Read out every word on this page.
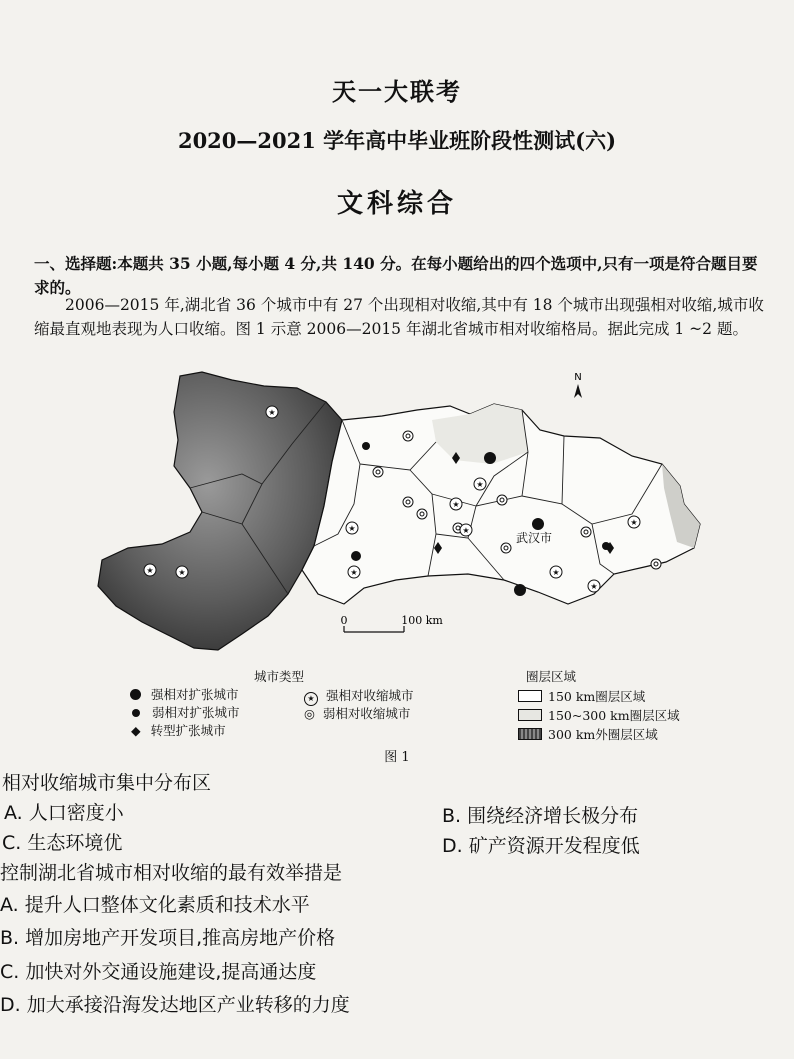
天一大联考
2020—2021 学年高中毕业班阶段性测试(六)
文科综合
一、选择题:本题共 35 小题,每小题 4 分,共 140 分。在每小题给出的四个选项中,只有一项是符合题目要求的。
2006—2015 年,湖北省 36 个城市中有 27 个出现相对收缩,其中有 18 个城市出现强相对收缩,城市收缩最直观地表现为人口收缩。图 1 示意 2006—2015 年湖北省城市相对收缩格局。据此完成 1 ~2 题。
N
★
★	★
★
★
★
★
★
★
★
★
武汉市
0	100 km
城市类型
强相对扩张城市
弱相对扩张城市
◆ 转型扩张城市
★ 强相对收缩城市
◎ 弱相对收缩城市
圈层区域
150 km圈层区域
150~300 km圈层区域
300 km外圈层区域
图 1
相对收缩城市集中分布区
A. 人口密度小	B. 围绕经济增长极分布
C. 生态环境优	D. 矿产资源开发程度低
控制湖北省城市相对收缩的最有效举措是
A. 提升人口整体文化素质和技术水平
B. 增加房地产开发项目,推高房地产价格
C. 加快对外交通设施建设,提高通达度
D. 加大承接沿海发达地区产业转移的力度
